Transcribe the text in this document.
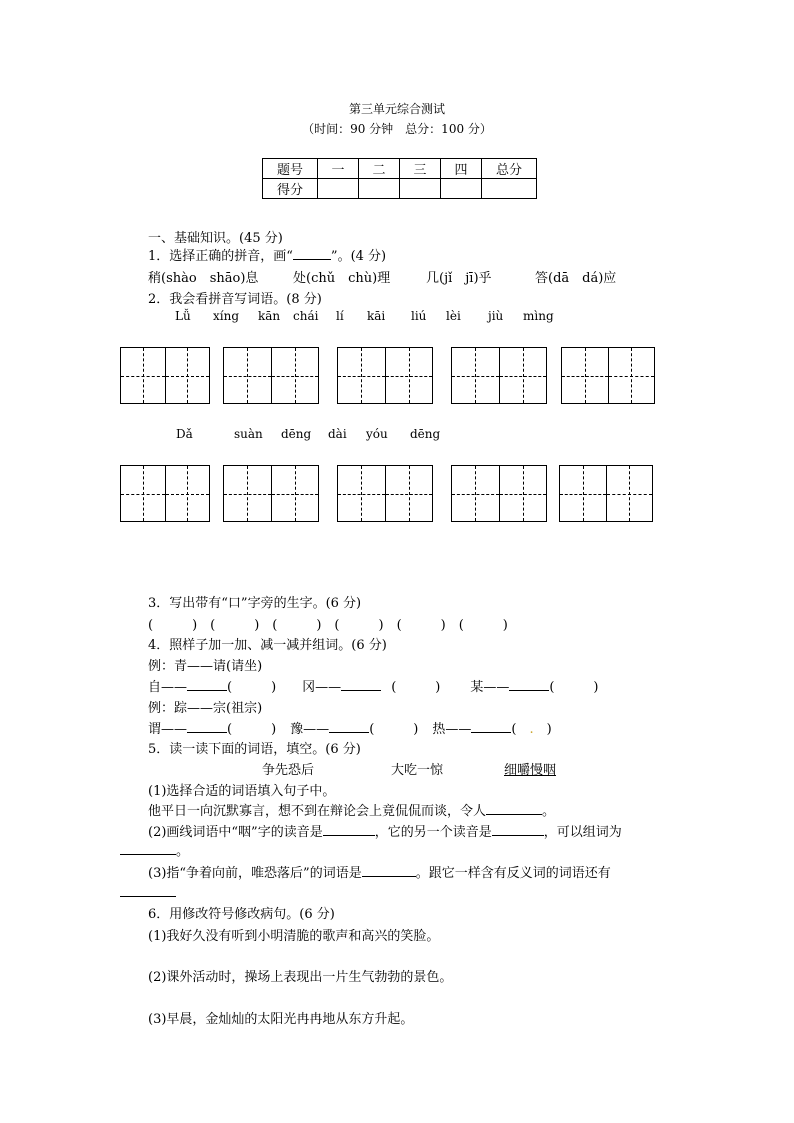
第三单元综合测试
（时间：90 分钟　总分：100 分）
题号	一	二	三	四	总分
得分					
一、基础知识。(45 分)
1．选择正确的拼音，画“	”。(4 分)
稍(shào　shāo)息	处(chǔ　chù)理	几(jǐ　jī)乎	答(dā　dá)应
2．我会看拼音写词语。(8 分)
Lǚ xíng kān chái lí kāi liú lèi jiù mìng
Dǎ	suàn dēng dài yóu dēng
3．写出带有“口”字旁的生字。(6 分)
(　　　)　(　　　)　(　　　)　(　　　)　(　　　)　(　　　)
4．照样子加一加、减一减并组词。(6 分)
例：青——请(请坐)
自——	(　　　) 冈——	(　　　) 某——	(　　　)
例：踪——宗(祖宗)
谓——	(　　　) 豫——	(　　　) 热——	(　.　)
5．读一读下面的词语，填空。(6 分)
争先恐后	大吃一惊	细嚼慢咽
(1)选择合适的词语填入句子中。
他平日一向沉默寡言，想不到在辩论会上竟侃侃而谈，令人	。
(2)画线词语中“咽”字的读音是	，它的另一个读音是	，可以组词为
。
(3)指“争着向前，唯恐落后”的词语是	。跟它一样含有反义词的词语还有
6．用修改符号修改病句。(6 分)
(1)我好久没有听到小明清脆的歌声和高兴的笑脸。
(2)课外活动时，操场上表现出一片生气勃勃的景色。
(3)早晨，金灿灿的太阳光冉冉地从东方升起。
